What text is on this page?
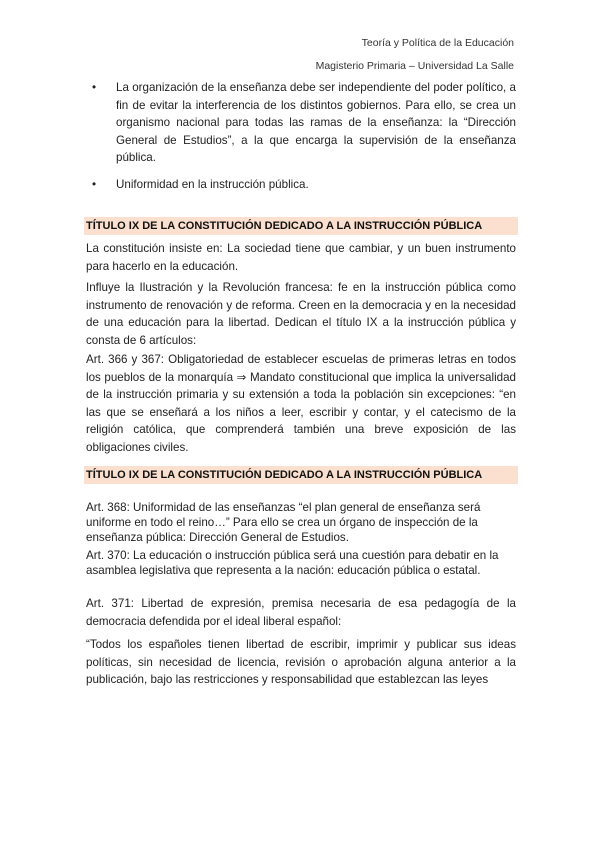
Teoría y Política de la Educación
Magisterio Primaria – Universidad La Salle
• La organización de la enseñanza debe ser independiente del poder político, a fin de evitar la interferencia de los distintos gobiernos. Para ello, se crea un organismo nacional para todas las ramas de la enseñanza: la “Dirección General de Estudios”, a la que encarga la supervisión de la enseñanza pública.
• Uniformidad en la instrucción pública.
TÍTULO IX DE LA CONSTITUCIÓN DEDICADO A LA INSTRUCCIÓN PÚBLICA

La constitución insiste en: La sociedad tiene que cambiar, y un buen instrumento para hacerlo en la educación.

Influye la Ilustración y la Revolución francesa: fe en la instrucción pública como instrumento de renovación y de reforma. Creen en la democracia y en la necesidad de una educación para la libertad. Dedican el título IX a la instrucción pública y consta de 6 artículos:

Art. 366 y 367: Obligatoriedad de establecer escuelas de primeras letras en todos los pueblos de la monarquía ⇒ Mandato constitucional que implica la universalidad de la instrucción primaria y su extensión a toda la población sin excepciones: “en las que se enseñará a los niños a leer, escribir y contar, y el catecismo de la religión católica, que comprenderá también una breve exposición de las obligaciones civiles.

TÍTULO IX DE LA CONSTITUCIÓN DEDICADO A LA INSTRUCCIÓN PÚBLICA

Art. 368: Uniformidad de las enseñanzas “el plan general de enseñanza será uniforme en todo el reino…” Para ello se crea un órgano de inspección de la enseñanza pública: Dirección General de Estudios.

Art. 370: La educación o instrucción pública será una cuestión para debatir en la asamblea legislativa que representa a la nación: educación pública o estatal.

Art. 371: Libertad de expresión, premisa necesaria de esa pedagogía de la democracia defendida por el ideal liberal español:

“Todos los españoles tienen libertad de escribir, imprimir y publicar sus ideas políticas, sin necesidad de licencia, revisión o aprobación alguna anterior a la publicación, bajo las restricciones y responsabilidad que establezcan las leyes
